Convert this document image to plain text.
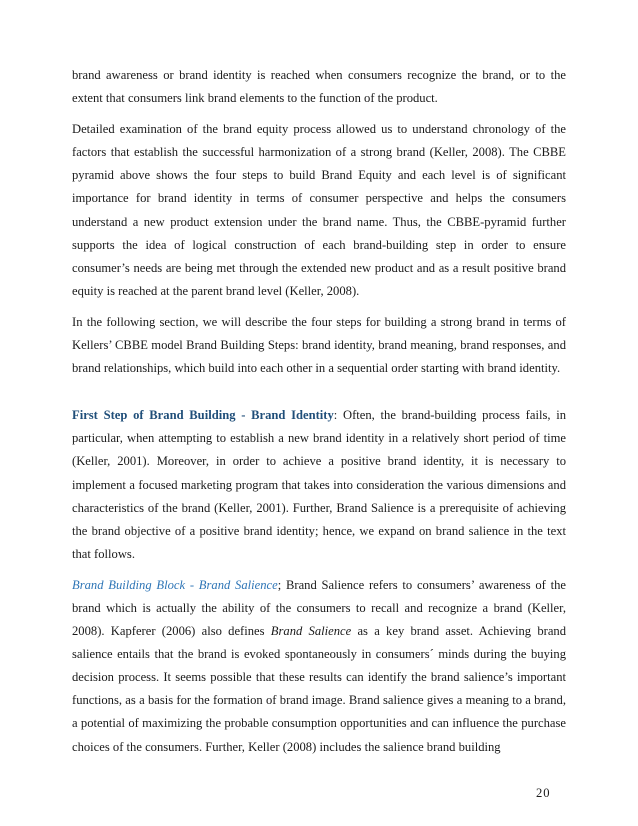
brand awareness or brand identity is reached when consumers recognize the brand, or to the extent that consumers link brand elements to the function of the product.

Detailed examination of the brand equity process allowed us to understand chronology of the factors that establish the successful harmonization of a strong brand (Keller, 2008). The CBBE pyramid above shows the four steps to build Brand Equity and each level is of significant importance for brand identity in terms of consumer perspective and helps the consumers understand a new product extension under the brand name. Thus, the CBBE-pyramid further supports the idea of logical construction of each brand-building step in order to ensure consumer’s needs are being met through the extended new product and as a result positive brand equity is reached at the parent brand level (Keller, 2008).

In the following section, we will describe the four steps for building a strong brand in terms of Kellers’ CBBE model Brand Building Steps: brand identity, brand meaning, brand responses, and brand relationships, which build into each other in a sequential order starting with brand identity.

First Step of Brand Building - Brand Identity: Often, the brand-building process fails, in particular, when attempting to establish a new brand identity in a relatively short period of time (Keller, 2001). Moreover, in order to achieve a positive brand identity, it is necessary to implement a focused marketing program that takes into consideration the various dimensions and characteristics of the brand (Keller, 2001). Further, Brand Salience is a prerequisite of achieving the brand objective of a positive brand identity; hence, we expand on brand salience in the text that follows.

Brand Building Block - Brand Salience; Brand Salience refers to consumers’ awareness of the brand which is actually the ability of the consumers to recall and recognize a brand (Keller, 2008). Kapferer (2006) also defines Brand Salience as a key brand asset. Achieving brand salience entails that the brand is evoked spontaneously in consumers´ minds during the buying decision process. It seems possible that these results can identify the brand salience’s important functions, as a basis for the formation of brand image. Brand salience gives a meaning to a brand, a potential of maximizing the probable consumption opportunities and can influence the purchase choices of the consumers. Further, Keller (2008) includes the salience brand building

20
